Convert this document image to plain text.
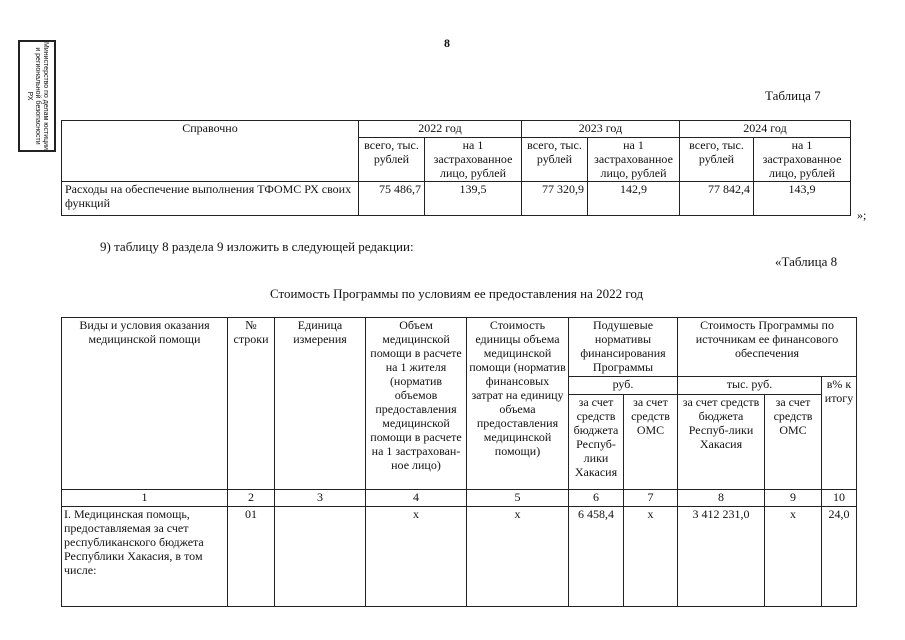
Министерство по делам юстиции и региональной безопасности РХ
8
Таблица 7
Справочно	2022 год		2023 год		2024 год	
	всего, тыс. рублей	на 1 застрахованное лицо, рублей	всего, тыс. рублей	на 1 застрахованное лицо, рублей	всего, тыс. рублей	на 1 застрахованное лицо, рублей
Расходы на обеспечение выполнения ТФОМС РХ своих функций	75 486,7	139,5	77 320,9	142,9	77 842,4	143,9
»;
9) таблицу 8 раздела 9 изложить в следующей редакции:
«Таблица 8
Стоимость Программы по условиям ее предоставления на 2022 год
Виды и условия оказания медицинской помощи	№ строки	Единица измерения	Объем медицинской помощи в расчете на 1 жителя (норматив объемов предоставления медицинской помощи в расчете на 1 застрахован-ное лицо)	Стоимость единицы объема медицинской помощи (норматив финансовых затрат на единицу объема предоставления медицинской помощи)	Подушевые нормативы финансирования Программы		Стоимость Программы по источникам ее финансового обеспечения		
					руб.		тыс. руб.		в% к итогу
					за счет средств бюджета Респуб-лики Хакасия	за счет средств ОМС	за счет средств бюджета Респуб-лики Хакасия	за счет средств ОМС	
1	2	3	4	5	6	7	8	9	10
I. Медицинская помощь, предоставляемая за счет республиканского бюджета Республики Хакасия, в том числе:	01		х	х	6 458,4	х	3 412 231,0	х	24,0
